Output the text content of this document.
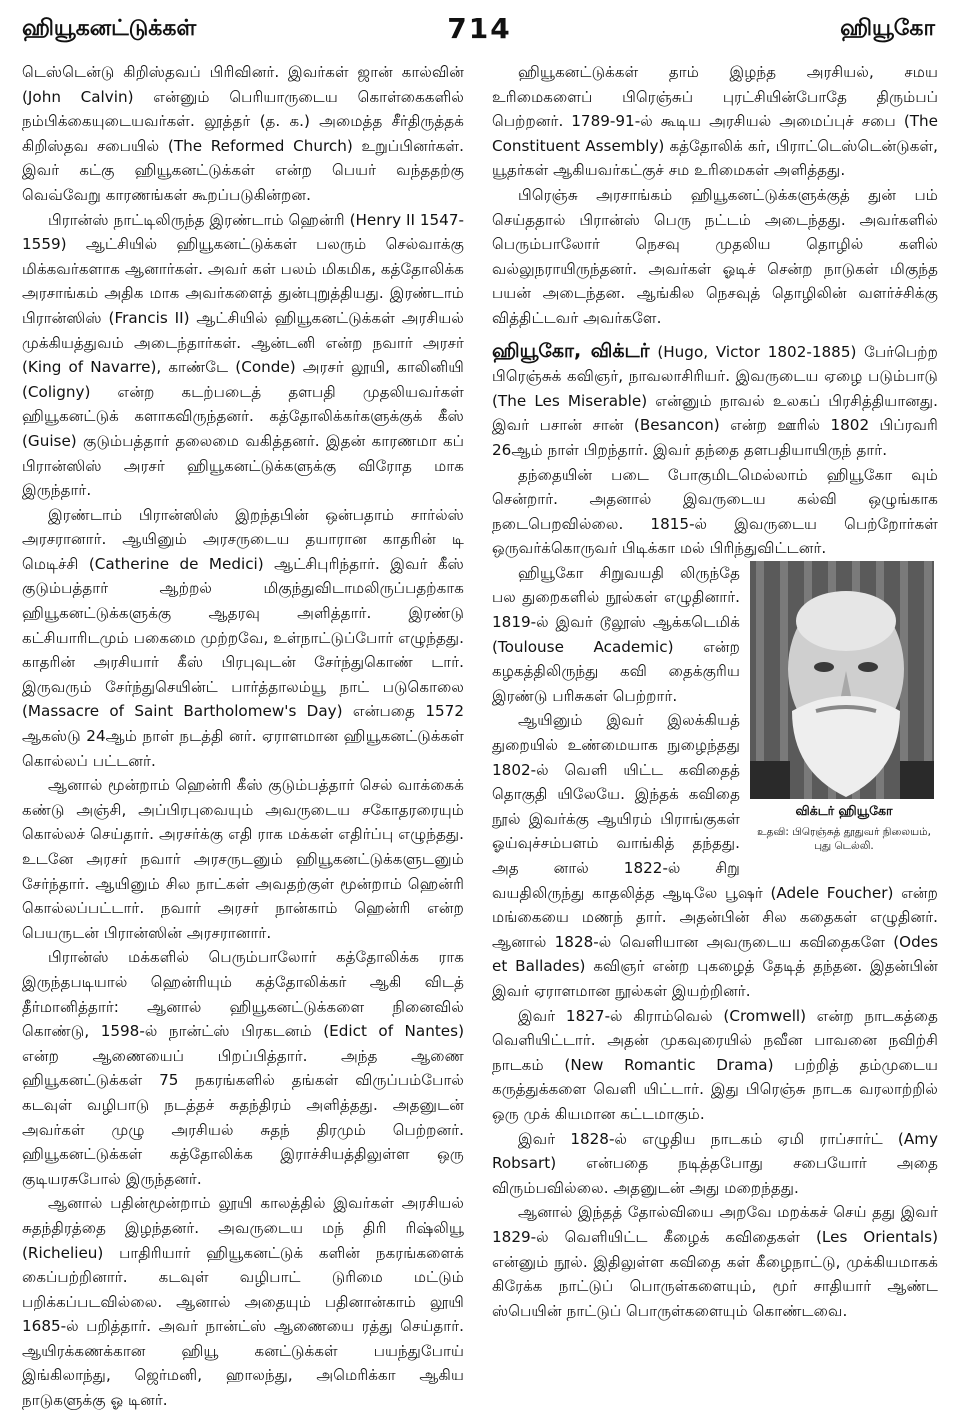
ஹியூகனட்டுக்கள்	714	ஹியூகோ

டெஸ்டென்டு கிறிஸ்தவப் பிரிவினர். இவர்கள் ஜான் கால்வின் (John Calvin) என்னும் பெரியாருடைய கொள்கைகளில் நம்பிக்கையுடையவர்கள். லூத்தர் (த. க.) அமைத்த சீர்திருத்தக் கிறிஸ்தவ சபையில் (The Reformed Church) உறுப்பினர்கள். இவர் கட்கு ஹியூகனட்டுக்கள் என்ற பெயர் வந்ததற்கு வெவ்வேறு காரணங்கள் கூறப்படுகின்றன.

பிரான்ஸ் நாட்டிலிருந்த இரண்டாம் ஹென்ரி (Henry II 1547-1559) ஆட்சியில் ஹியூகனட்டுக்கள் பலரும் செல்வாக்கு மிக்கவர்களாக ஆனார்கள். அவர் கள் பலம் மிகமிக, கத்தோலிக்க அரசாங்கம் அதிக மாக அவர்களைத் துன்புறுத்தியது. இரண்டாம் பிரான்ஸிஸ் (Francis II) ஆட்சியில் ஹியூகனட்டுக்கள் அரசியல் முக்கியத்துவம் அடைந்தார்கள். ஆன்டனி என்ற நவார் அரசர் (King of Navarre), காண்டே (Conde) அரசர் லூயி, காலினியி (Coligny) என்ற கடற்படைத் தளபதி முதலியவர்கள் ஹியூகனட்டுக் களாகவிருந்தனர். கத்தோலிக்கர்களுக்குக் கீஸ் (Guise) குடும்பத்தார் தலைமை வகித்தனர். இதன் காரணமா கப் பிரான்ஸிஸ் அரசர் ஹியூகனட்டுக்களுக்கு விரோத மாக இருந்தார்.

இரண்டாம் பிரான்ஸிஸ் இறந்தபின் ஒன்பதாம் சார்ல்ஸ் அரசரானார். ஆயினும் அரசருடைய தயாரான காதரின் டி மெடிச்சி (Catherine de Medici) ஆட்சிபுரிந்தார். இவர் கீஸ் குடும்பத்தார் ஆற்றல் மிகுந்துவிடாமலிருப்பதற்காக ஹியூகனட்டுக்களுக்கு ஆதரவு அளித்தார். இரண்டு கட்சியாரிடமும் பகைமை முற்றவே, உள்நாட்டுப்போர் எழுந்தது. காதரின் அரசியார் கீஸ் பிரபுவுடன் சேர்ந்துகொண் டார். இருவரும் சேர்ந்துசெயின்ட் பார்த்தாலம்யூ நாட் படுகொலை (Massacre of Saint Bartholomew's Day) என்பதை 1572 ஆகஸ்டு 24ஆம் நாள் நடத்தி னர். ஏராளமான ஹியூகனட்டுக்கள் கொல்லப் பட்டனர்.

ஆனால் மூன்றாம் ஹென்ரி கீஸ் குடும்பத்தார் செல் வாக்கைக் கண்டு அஞ்சி, அப்பிரபுவையும் அவருடைய சகோதரரையும் கொல்லச் செய்தார். அரசர்க்கு எதி ராக மக்கள் எதிர்ப்பு எழுந்தது. உடனே அரசர் நவார் அரசருடனும் ஹியூகனட்டுக்களுடனும் சேர்ந்தார். ஆயினும் சில நாட்கள் அவதற்குள் மூன்றாம் ஹென்ரி கொல்லப்பட்டார். நவார் அரசர் நான்காம் ஹென்ரி என்ற பெயருடன் பிரான்ஸின் அரசரானார்.

பிரான்ஸ் மக்களில் பெரும்பாலோர் கத்தோலிக்க ராக இருந்தபடியால் ஹென்ரியும் கத்தோலிக்கர் ஆகி விடத் தீர்மானித்தார்: ஆனால் ஹியூகனட்டுக்களை நினைவில் கொண்டு, 1598-ல் நான்ட்ஸ் பிரகடனம் (Edict of Nantes) என்ற ஆணையைப் பிறப்பித்தார். அந்த ஆணை ஹியூகனட்டுக்கள் 75 நகரங்களில் தங்கள் விருப்பம்போல் கடவுள் வழிபாடு நடத்தச் சுதந்திரம் அளித்தது. அதனுடன் அவர்கள் முழு அரசியல் சுதந் திரமும் பெற்றனர். ஹியூகனட்டுக்கள் கத்தோலிக்க இராச்சியத்திலுள்ள ஒரு குடியரசுபோல் இருந்தனர்.

ஆனால் பதின்மூன்றாம் லூயி காலத்தில் இவர்கள் அரசியல் சுதந்திரத்தை இழந்தனர். அவருடைய மந் திரி ரிஷ்லியூ (Richelieu) பாதிரியார் ஹியூகனட்டுக் களின் நகரங்களைக் கைப்பற்றினார். கடவுள் வழிபாட் டுரிமை மட்டும் பறிக்கப்படவில்லை. ஆனால் அதையும் பதினான்காம் லூயி 1685-ல் பறித்தார். அவர் நான்ட்ஸ் ஆணையை ரத்து செய்தார். ஆயிரக்கணக்கான ஹியூ கனட்டுக்கள் பயந்துபோய் இங்கிலாந்து, ஜெர்மனி, ஹாலந்து, அமெரிக்கா ஆகிய நாடுகளுக்கு ஓ டினர்.

ஹியூகனட்டுக்கள் தாம் இழந்த அரசியல், சமய உரிமைகளைப் பிரெஞ்சுப் புரட்சியின்போதே திரும்பப் பெற்றனர். 1789-91-ல் கூடிய அரசியல் அமைப்புச் சபை (The Constituent Assembly) கத்தோலிக் கர், பிராட்டெஸ்டென்டுகள், யூதர்கள் ஆகியவர்கட்குச் சம உரிமைகள் அளித்தது.

பிரெஞ்சு அரசாங்கம் ஹியூகனட்டுக்களுக்குத் துன் பம் செய்ததால் பிரான்ஸ் பெரு நட்டம் அடைந்தது. அவர்களில் பெரும்பாலோர் நெசவு முதலிய தொழில் களில் வல்லுநராயிருந்தனர். அவர்கள் ஓடிச் சென்ற நாடுகள் மிகுந்த பயன் அடைந்தன. ஆங்கில நெசவுத் தொழிலின் வளர்ச்சிக்கு வித்திட்டவர் அவர்களே.

ஹியூகோ, விக்டர் (Hugo, Victor 1802-1885) பேர்பெற்ற பிரெஞ்சுக் கவிஞர், நாவலாசிரியர். இவருடைய ஏழை படும்பாடு (The Les Miserable) என்னும் நாவல் உலகப் பிரசித்தியானது. இவர் பசான் சான் (Besancon) என்ற ஊரில் 1802 பிப்ரவரி 26ஆம் நாள் பிறந்தார். இவர் தந்தை தளபதியாயிருந் தார்.

தந்தையின் படை போகுமிடமெல்லாம் ஹியூகோ வும் சென்றார். அதனால் இவருடைய கல்வி ஒழுங்காக நடைபெறவில்லை. 1815-ல் இவருடைய பெற்றோர்கள் ஒருவர்க்கொருவர் பிடிக்கா மல் பிரிந்துவிட்டனர்.

விக்டர் ஹியூகோ
உதவி: பிரெஞ்சுத் தூதுவர் நிலையம், புது டெல்லி.

ஹியூகோ சிறுவயதி லிருந்தே பல துறைகளில் நூல்கள் எழுதினார். 1819-ல் இவர் டூலூஸ் ஆக்கடெமிக் (Toulouse Academic) என்ற கழகத்திலிருந்து கவி தைக்குரிய இரண்டு பரிசுகள் பெற்றார்.

ஆயினும் இவர் இலக்கியத் துறையில் உண்மையாக நுழைந்தது 1802-ல் வெளி யிட்ட கவிதைத் தொகுதி யிலேயே. இந்தக் கவிதை நூல் இவர்க்கு ஆயிரம் பிராங்குகள் ஓய்வுச்சம்பளம் வாங்கித் தந்தது. அத னால் 1822-ல் சிறு வயதிலிருந்து காதலித்த ஆடிலே பூஷர் (Adele Foucher) என்ற மங்கையை மணந் தார். அதன்பின் சில கதைகள் எழுதினர். ஆனால் 1828-ல் வெளியான அவருடைய கவிதைகளே (Odes et Ballades) கவிஞர் என்ற புகழைத் தேடித் தந்தன. இதன்பின் இவர் ஏராளமான நூல்கள் இயற்றினர்.

இவர் 1827-ல் கிராம்வெல் (Cromwell) என்ற நாடகத்தை வெளியிட்டார். அதன் முகவுரையில் நவீன பாவனை நவிற்சி நாடகம் (New Romantic Drama) பற்றித் தம்முடைய கருத்துக்களை வெளி யிட்டார். இது பிரெஞ்சு நாடக வரலாற்றில் ஒரு முக் கியமான கட்டமாகும்.

இவர் 1828-ல் எழுதிய நாடகம் ஏமி ராப்சார்ட் (Amy Robsart) என்பதை நடித்தபோது சபையோர் அதை விரும்பவில்லை. அதனுடன் அது மறைந்தது.

ஆனால் இந்தத் தோல்வியை அறவே மறக்கச் செய் தது இவர் 1829-ல் வெளியிட்ட கீழைக் கவிதைகள் (Les Orientals) என்னும் நூல். இதிலுள்ள கவிதை கள் கீழைநாட்டு, முக்கியமாகக் கிரேக்க நாட்டுப் பொருள்களையும், மூர் சாதியார் ஆண்ட ஸ்பெயின் நாட்டுப் பொருள்களையும் கொண்டவை.
